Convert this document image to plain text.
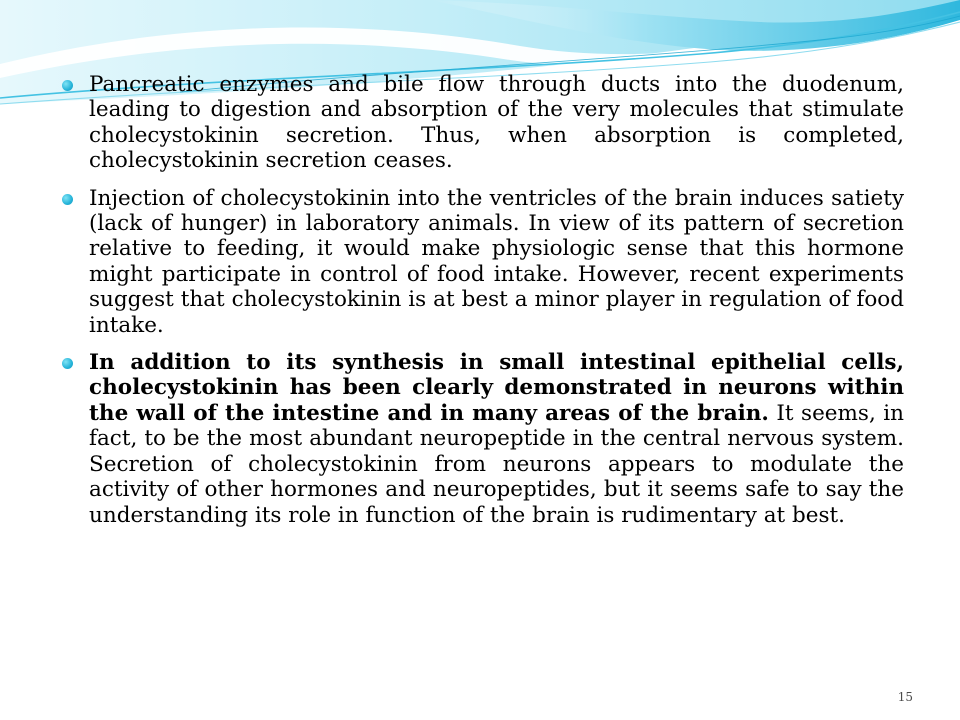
Pancreatic enzymes and bile flow through ducts into the duodenum, leading to digestion and absorption of the very molecules that stimulate cholecystokinin secretion. Thus, when absorption is completed, cholecystokinin secretion ceases.
Injection of cholecystokinin into the ventricles of the brain induces satiety (lack of hunger) in laboratory animals. In view of its pattern of secretion relative to feeding, it would make physiologic sense that this hormone might participate in control of food intake. However, recent experiments suggest that cholecystokinin is at best a minor player in regulation of food intake.
In addition to its synthesis in small intestinal epithelial cells, cholecystokinin has been clearly demonstrated in neurons within the wall of the intestine and in many areas of the brain. It seems, in fact, to be the most abundant neuropeptide in the central nervous system. Secretion of cholecystokinin from neurons appears to modulate the activity of other hormones and neuropeptides, but it seems safe to say the understanding its role in function of the brain is rudimentary at best.
15
